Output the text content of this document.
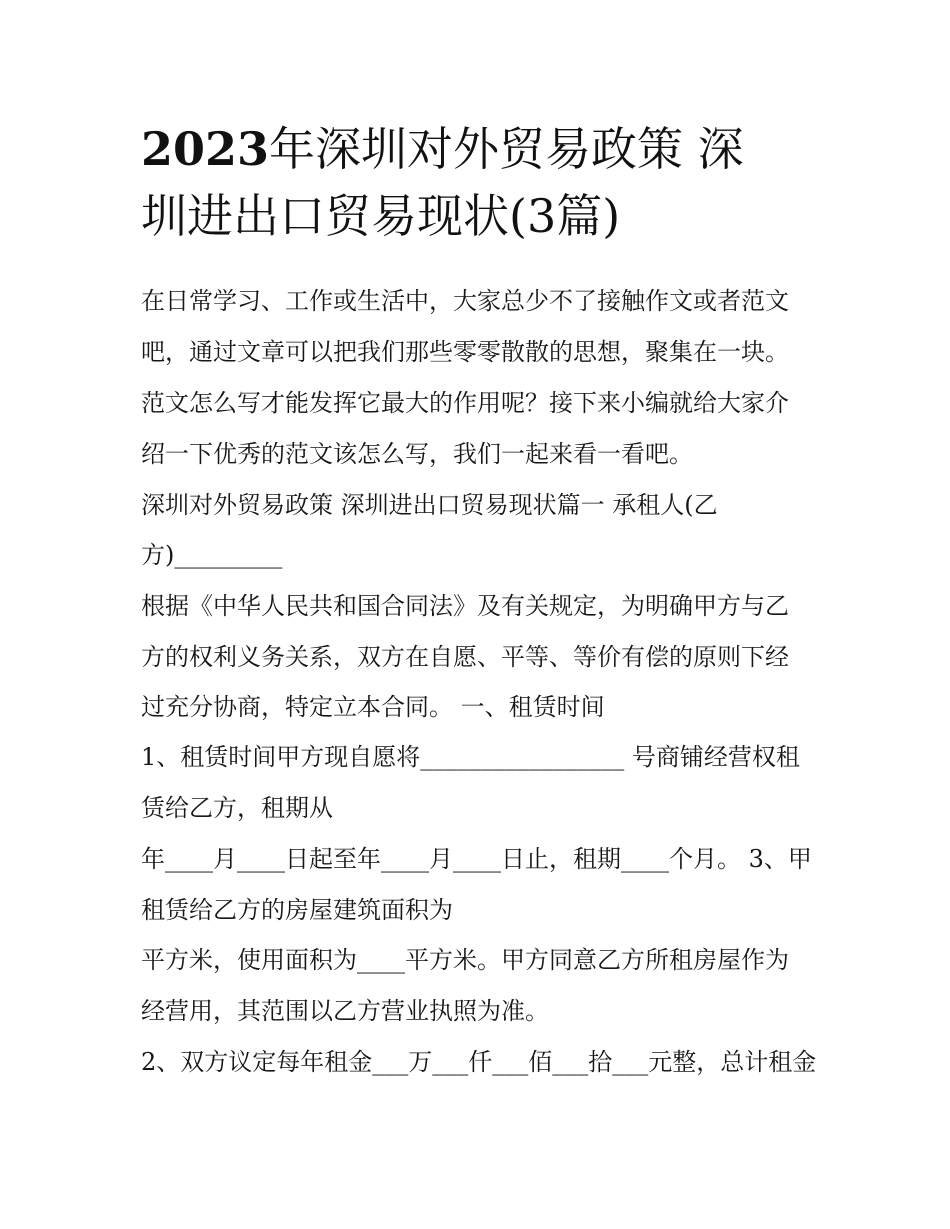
2023年深圳对外贸易政策 深
圳进出口贸易现状(3篇)

在日常学习、工作或生活中，大家总少不了接触作文或者范文

吧，通过文章可以把我们那些零零散散的思想，聚集在一块。

范文怎么写才能发挥它最大的作用呢？接下来小编就给大家介

绍一下优秀的范文该怎么写，我们一起来看一看吧。

深圳对外贸易政策 深圳进出口贸易现状篇一 承租人(乙

方)_________

根据《中华人民共和国合同法》及有关规定，为明确甲方与乙

方的权利义务关系，双方在自愿、平等、等价有偿的原则下经

过充分协商，特定立本合同。 一、租赁时间

1、租赁时间甲方现自愿将_________________ 号商铺经营权租

赁给乙方，租期从

年____月____日起至年____月____日止，租期____个月。 3、甲

租赁给乙方的房屋建筑面积为

平方米，使用面积为____平方米。甲方同意乙方所租房屋作为

经营用，其范围以乙方营业执照为准。

2、双方议定每年租金___万___仟___佰___拾___元整，总计租金
